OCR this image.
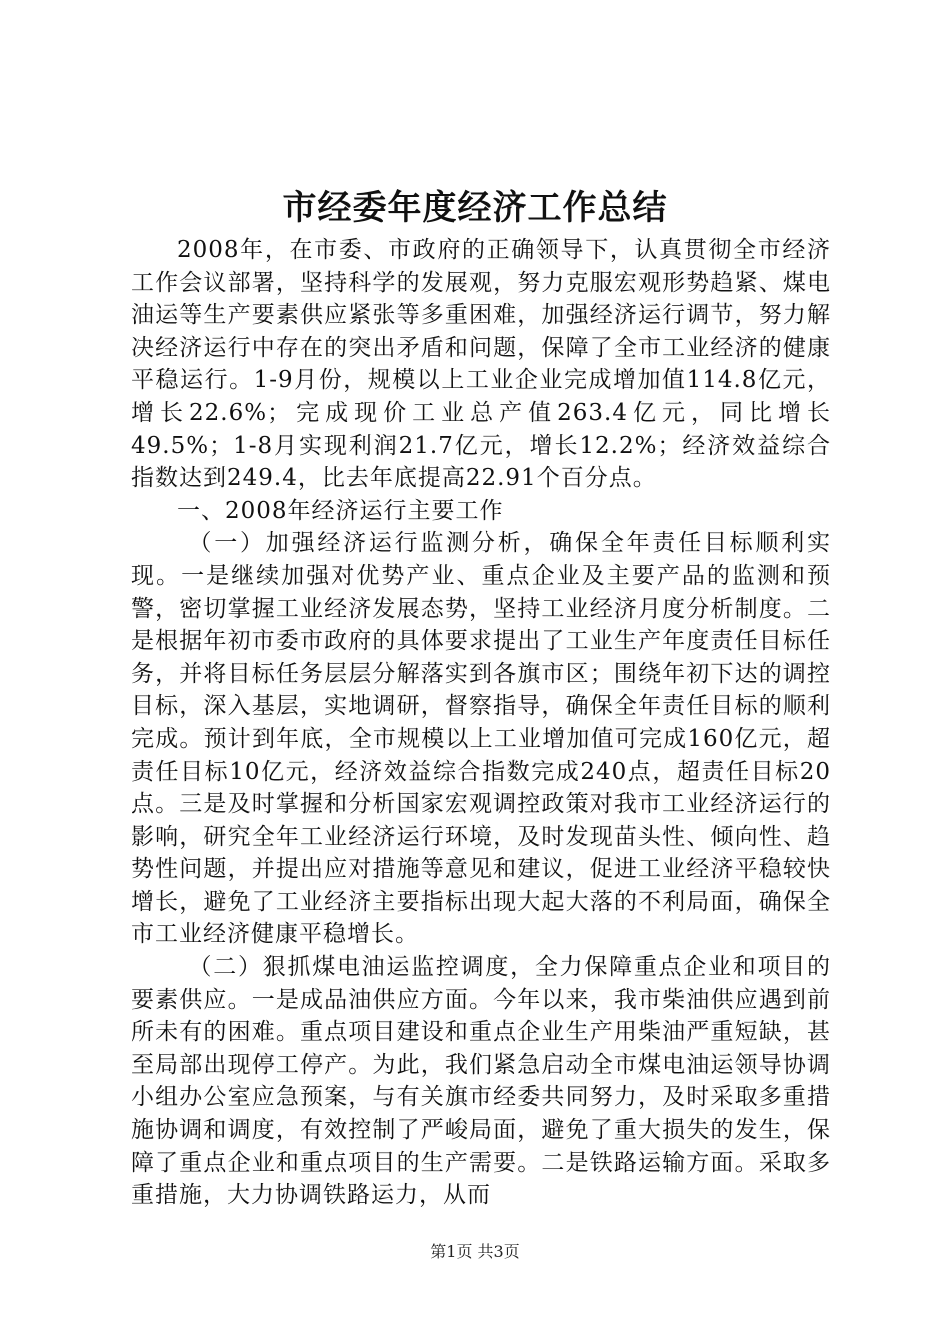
市经委年度经济工作总结

2008年，在市委、市政府的正确领导下，认真贯彻全市经济工作会议部署，坚持科学的发展观，努力克服宏观形势趋紧、煤电油运等生产要素供应紧张等多重困难，加强经济运行调节，努力解决经济运行中存在的突出矛盾和问题，保障了全市工业经济的健康平稳运行。1-9月份，规模以上工业企业完成增加值114.8亿元，增长22.6%；完成现价工业总产值263.4亿元，同比增长49.5%；1-8月实现利润21.7亿元，增长12.2%；经济效益综合指数达到249.4，比去年底提高22.91个百分点。

一、2008年经济运行主要工作

（一）加强经济运行监测分析，确保全年责任目标顺利实现。一是继续加强对优势产业、重点企业及主要产品的监测和预警，密切掌握工业经济发展态势，坚持工业经济月度分析制度。二是根据年初市委市政府的具体要求提出了工业生产年度责任目标任务，并将目标任务层层分解落实到各旗市区；围绕年初下达的调控目标，深入基层，实地调研，督察指导，确保全年责任目标的顺利完成。预计到年底，全市规模以上工业增加值可完成160亿元，超责任目标10亿元，经济效益综合指数完成240点，超责任目标20点。三是及时掌握和分析国家宏观调控政策对我市工业经济运行的影响，研究全年工业经济运行环境，及时发现苗头性、倾向性、趋势性问题，并提出应对措施等意见和建议，促进工业经济平稳较快增长，避免了工业经济主要指标出现大起大落的不利局面，确保全市工业经济健康平稳增长。

（二）狠抓煤电油运监控调度，全力保障重点企业和项目的要素供应。一是成品油供应方面。今年以来，我市柴油供应遇到前所未有的困难。重点项目建设和重点企业生产用柴油严重短缺，甚至局部出现停工停产。为此，我们紧急启动全市煤电油运领导协调小组办公室应急预案，与有关旗市经委共同努力，及时采取多重措施协调和调度，有效控制了严峻局面，避免了重大损失的发生，保障了重点企业和重点项目的生产需要。二是铁路运输方面。采取多重措施，大力协调铁路运力，从而

第1页 共3页
